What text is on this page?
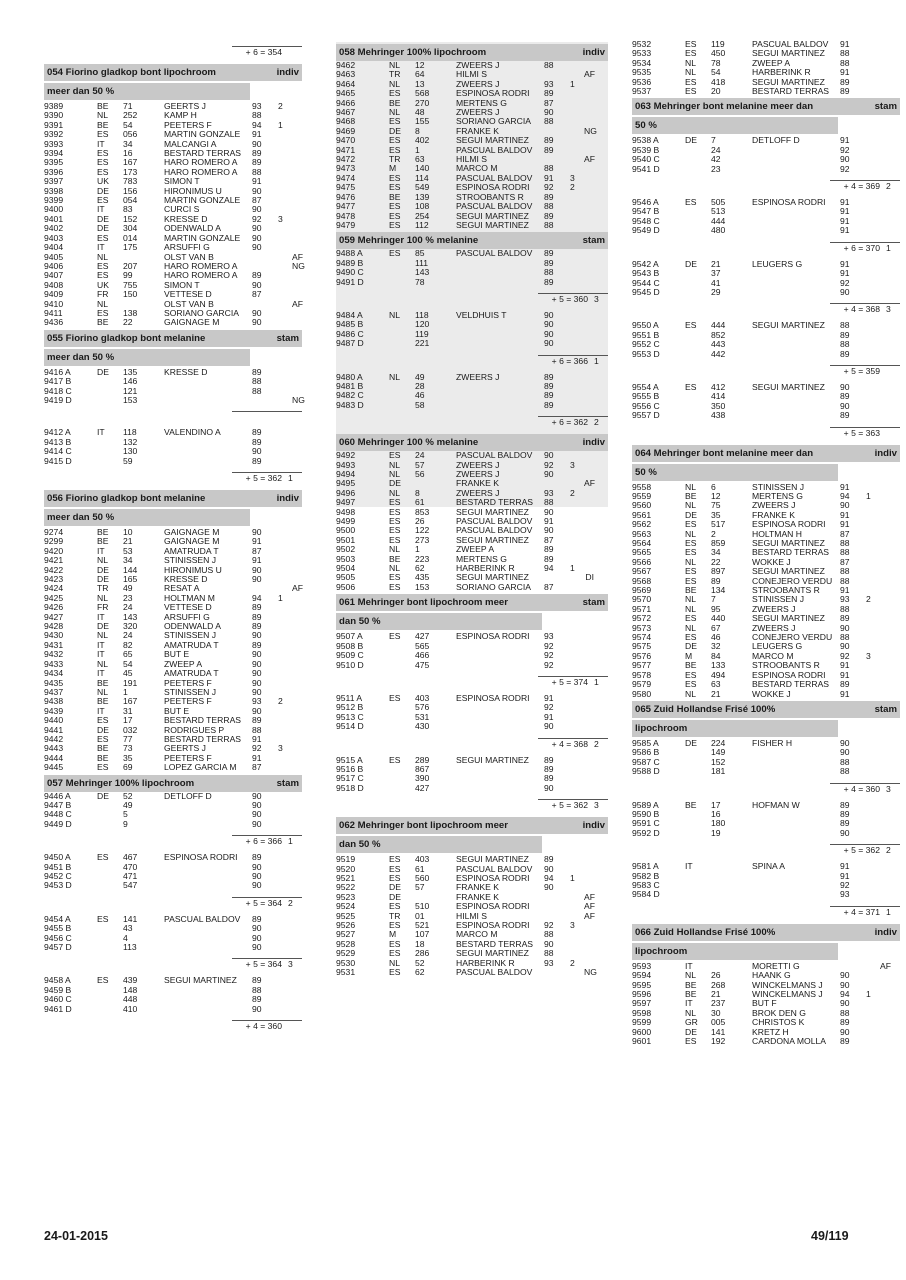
+ 6 = 354
054 Fiorino gladkop bont lipochroom	indiv
meer dan 50 %
9389	BE	71	GEERTS J	93	2
9390	NL	252	KAMP H	88
9391	BE	54	PEETERS F	94	1
9392	ES	056	MARTIN GONZALE	91
9393	IT	34	MALCANGI A	90
9394	ES	16	BESTARD TERRAS	89
9395	ES	167	HARO ROMERO A	89
9396	ES	173	HARO ROMERO A	88
9397	UK	783	SIMON T	91
9398	DE	156	HIRONIMUS U	90
9399	ES	054	MARTIN GONZALE	87
9400	IT	83	CURCI S	90
9401	DE	152	KRESSE D	92	3
9402	DE	304	ODENWALD A	90
9403	ES	014	MARTIN GONZALE	90
9404	IT	175	ARSUFFI G	90
9405	NL	OLST VAN B	AF
9406	ES	207	HARO ROMERO A	NG
9407	ES	99	HARO ROMERO A	89
9408	UK	755	SIMON T	90
9409	FR	150	VETTESE D	87
9410	NL	OLST VAN B	AF
9411	ES	138	SORIANO GARCIA	90
9436	BE	22	GAIGNAGE M	90
055 Fiorino gladkop bont melanine	stam
meer dan 50 %
9416 A	DE	135	KRESSE D	89
9417 B	146	88
9418 C	121	88
9419 D	153	NG
9412 A	IT	118	VALENDINO A	89
9413 B	132	89
9414 C	130	90
9415 D	59	89
+ 5 = 362 1
056 Fiorino gladkop bont melanine	indiv
meer dan 50 %
9274	BE	10	GAIGNAGE M	90
9299	BE	21	GAIGNAGE M	91
9420	IT	53	AMATRUDA T	87
9421	NL	34	STINISSEN J	91
9422	DE	144	HIRONIMUS U	90
9423	DE	165	KRESSE D	90
9424	TR	49	RESAT A	AF
9425	NL	23	HOLTMAN M	94	1
9426	FR	24	VETTESE D	89
9427	IT	143	ARSUFFI G	89
9428	DE	320	ODENWALD A	89
9430	NL	24	STINISSEN J	90
9431	IT	82	AMATRUDA T	89
9432	IT	65	BUT E	90
9433	NL	54	ZWEEP A	90
9434	IT	45	AMATRUDA T	90
9435	BE	191	PEETERS F	90
9437	NL	1	STINISSEN J	90
9438	BE	167	PEETERS F	93	2
9439	IT	31	BUT E	90
9440	ES	17	BESTARD TERRAS	89
9441	DE	032	RODRIGUES P	88
9442	ES	77	BESTARD TERRAS	91
9443	BE	73	GEERTS J	92	3
9444	BE	35	PEETERS F	91
9445	ES	69	LOPEZ GARCIA M	87
057 Mehringer 100% lipochroom	stam
9446 A	DE	52	DETLOFF D	90
9447 B	49	90
9448 C	5	90
9449 D	9	90
+ 6 = 366 1
9450 A	ES	467	ESPINOSA RODRI	89
9451 B	470	90
9452 C	471	90
9453 D	547	90
+ 5 = 364 2
9454 A	ES	141	PASCUAL BALDOV	89
9455 B	43	90
9456 C	4	90
9457 D	113	90
+ 5 = 364 3
9458 A	ES	439	SEGUI MARTINEZ	89
9459 B	148	88
9460 C	448	89
9461 D	410	90
+ 4 = 360
058 Mehringer 100% lipochroom	indiv
9462	NL	12	ZWEERS J	88
9463	TR	64	HILMI S	AF
9464	NL	13	ZWEERS J	93	1
9465	ES	568	ESPINOSA RODRI	89
9466	BE	270	MERTENS G	87
9467	NL	48	ZWEERS J	90
9468	ES	155	SORIANO GARCIA	88
9469	DE	8	FRANKE K	NG
9470	ES	402	SEGUI MARTINEZ	89
9471	ES	1	PASCUAL BALDOV	89
9472	TR	63	HILMI S	AF
9473	M	140	MARCO M	88
9474	ES	114	PASCUAL BALDOV	91	3
9475	ES	549	ESPINOSA RODRI	92	2
9476	BE	139	STROOBANTS R	89
9477	ES	108	PASCUAL BALDOV	88
9478	ES	254	SEGUI MARTINEZ	89
9479	ES	112	SEGUI MARTINEZ	88
059 Mehringer 100 % melanine	stam
9488 A	ES	85	PASCUAL BALDOV	89
9489 B	111	89
9490 C	143	88
9491 D	78	89
+ 5 = 360 3
9484 A	NL	118	VELDHUIS T	90
9485 B	120	90
9486 C	119	90
9487 D	221	90
+ 6 = 366 1
9480 A	NL	49	ZWEERS J	89
9481 B	28	89
9482 C	46	89
9483 D	58	89
+ 6 = 362 2
060 Mehringer 100 % melanine	indiv
9492	ES	24	PASCUAL BALDOV	90
9493	NL	57	ZWEERS J	92	3
9494	NL	56	ZWEERS J	90
9495	DE	FRANKE K	AF
9496	NL	8	ZWEERS J	93	2
9497	ES	61	BESTARD TERRAS	88
9498	ES	853	SEGUI MARTINEZ	90
9499	ES	26	PASCUAL BALDOV	91
9500	ES	122	PASCUAL BALDOV	90
9501	ES	273	SEGUI MARTINEZ	87
9502	NL	1	ZWEEP A	89
9503	BE	223	MERTENS G	89
9504	NL	62	HARBERINK R	94	1
9505	ES	435	SEGUI MARTINEZ	DI
9506	ES	153	SORIANO GARCIA	87
061 Mehringer bont lipochroom meer	stam
dan 50 %
9507 A	ES	427	ESPINOSA RODRI	93
9508 B	565	92
9509 C	466	92
9510 D	475	92
+ 5 = 374 1
9511 A	ES	403	ESPINOSA RODRI	91
9512 B	576	92
9513 C	531	91
9514 D	430	90
+ 4 = 368 2
9515 A	ES	289	SEGUI MARTINEZ	89
9516 B	867	89
9517 C	390	89
9518 D	427	90
+ 5 = 362 3
062 Mehringer bont lipochroom meer	indiv
dan 50 %
9519	ES	403	SEGUI MARTINEZ	89
9520	ES	61	PASCUAL BALDOV	90
9521	ES	560	ESPINOSA RODRI	94	1
9522	DE	57	FRANKE K	90
9523	DE	FRANKE K	AF
9524	ES	510	ESPINOSA RODRI	AF
9525	TR	01	HILMI S	AF
9526	ES	521	ESPINOSA RODRI	92	3
9527	M	107	MARCO M	88
9528	ES	18	BESTARD TERRAS	90
9529	ES	286	SEGUI MARTINEZ	88
9530	NL	52	HARBERINK R	93	2
9531	ES	62	PASCUAL BALDOV	NG
9532	ES	119	PASCUAL BALDOV	91
9533	ES	450	SEGUI MARTINEZ	88
9534	NL	78	ZWEEP A	88
9535	NL	54	HARBERINK R	91
9536	ES	418	SEGUI MARTINEZ	89
9537	ES	20	BESTARD TERRAS	89
063 Mehringer bont melanine meer dan	stam
50 %
9538 A	DE	7	DETLOFF D	91
9539 B	24	92
9540 C	42	90
9541 D	23	92
+ 4 = 369 2
9546 A	ES	505	ESPINOSA RODRI	91
9547 B	513	91
9548 C	444	91
9549 D	480	91
+ 6 = 370 1
9542 A	DE	21	LEUGERS G	91
9543 B	37	91
9544 C	41	92
9545 D	29	90
+ 4 = 368 3
9550 A	ES	444	SEGUI MARTINEZ	88
9551 B	852	89
9552 C	443	88
9553 D	442	89
+ 5 = 359
9554 A	ES	412	SEGUI MARTINEZ	90
9555 B	414	89
9556 C	350	90
9557 D	438	89
+ 5 = 363
064 Mehringer bont melanine meer dan	indiv
50 %
9558	NL	6	STINISSEN J	91
9559	BE	12	MERTENS G	94	1
9560	NL	75	ZWEERS J	90
9561	DE	35	FRANKE K	91
9562	ES	517	ESPINOSA RODRI	91
9563	NL	2	HOLTMAN H	87
9564	ES	859	SEGUI MARTINEZ	88
9565	ES	34	BESTARD TERRAS	88
9566	NL	22	WOKKE J	87
9567	ES	897	SEGUI MARTINEZ	88
9568	ES	89	CONEJERO VERDU 88
9569	BE	134	STROOBANTS R	91
9570	NL	7	STINISSEN J	93	2
9571	NL	95	ZWEERS J	88
9572	ES	440	SEGUI MARTINEZ	89
9573	NL	67	ZWEERS J	90
9574	ES	46	CONEJERO VERDU 88
9575	DE	32	LEUGERS G	90
9576	M	84	MARCO M	92	3
9577	BE	133	STROOBANTS R	91
9578	ES	494	ESPINOSA RODRI	91
9579	ES	63	BESTARD TERRAS	89
9580	NL	21	WOKKE J	91
065 Zuid Hollandse Frisé 100%	stam
lipochroom
9585 A	DE	224	FISHER H	90
9586 B	149	90
9587 C	152	88
9588 D	181	88
+ 4 = 360 3
9589 A	BE	17	HOFMAN W	89
9590 B	16	89
9591 C	180	89
9592 D	19	90
+ 5 = 362 2
9581 A	IT	SPINA A	91
9582 B	91
9583 C	92
9584 D	93
+ 4 = 371 1
066 Zuid Hollandse Frisé 100%	indiv
lipochroom
9593	IT	MORETTI G	AF
9594	NL	26	HAANK G	90
9595	BE	268	WINCKELMANS J	90
9596	BE	21	WINCKELMANS J	94	1
9597	IT	237	BUT F	90
9598	NL	30	BROK DEN G	88
9599	GR	005	CHRISTOS K	89
9600	DE	141	KRETZ H	90
9601	ES	192	CARDONA MOLLA	89
24-01-2015	49/119
